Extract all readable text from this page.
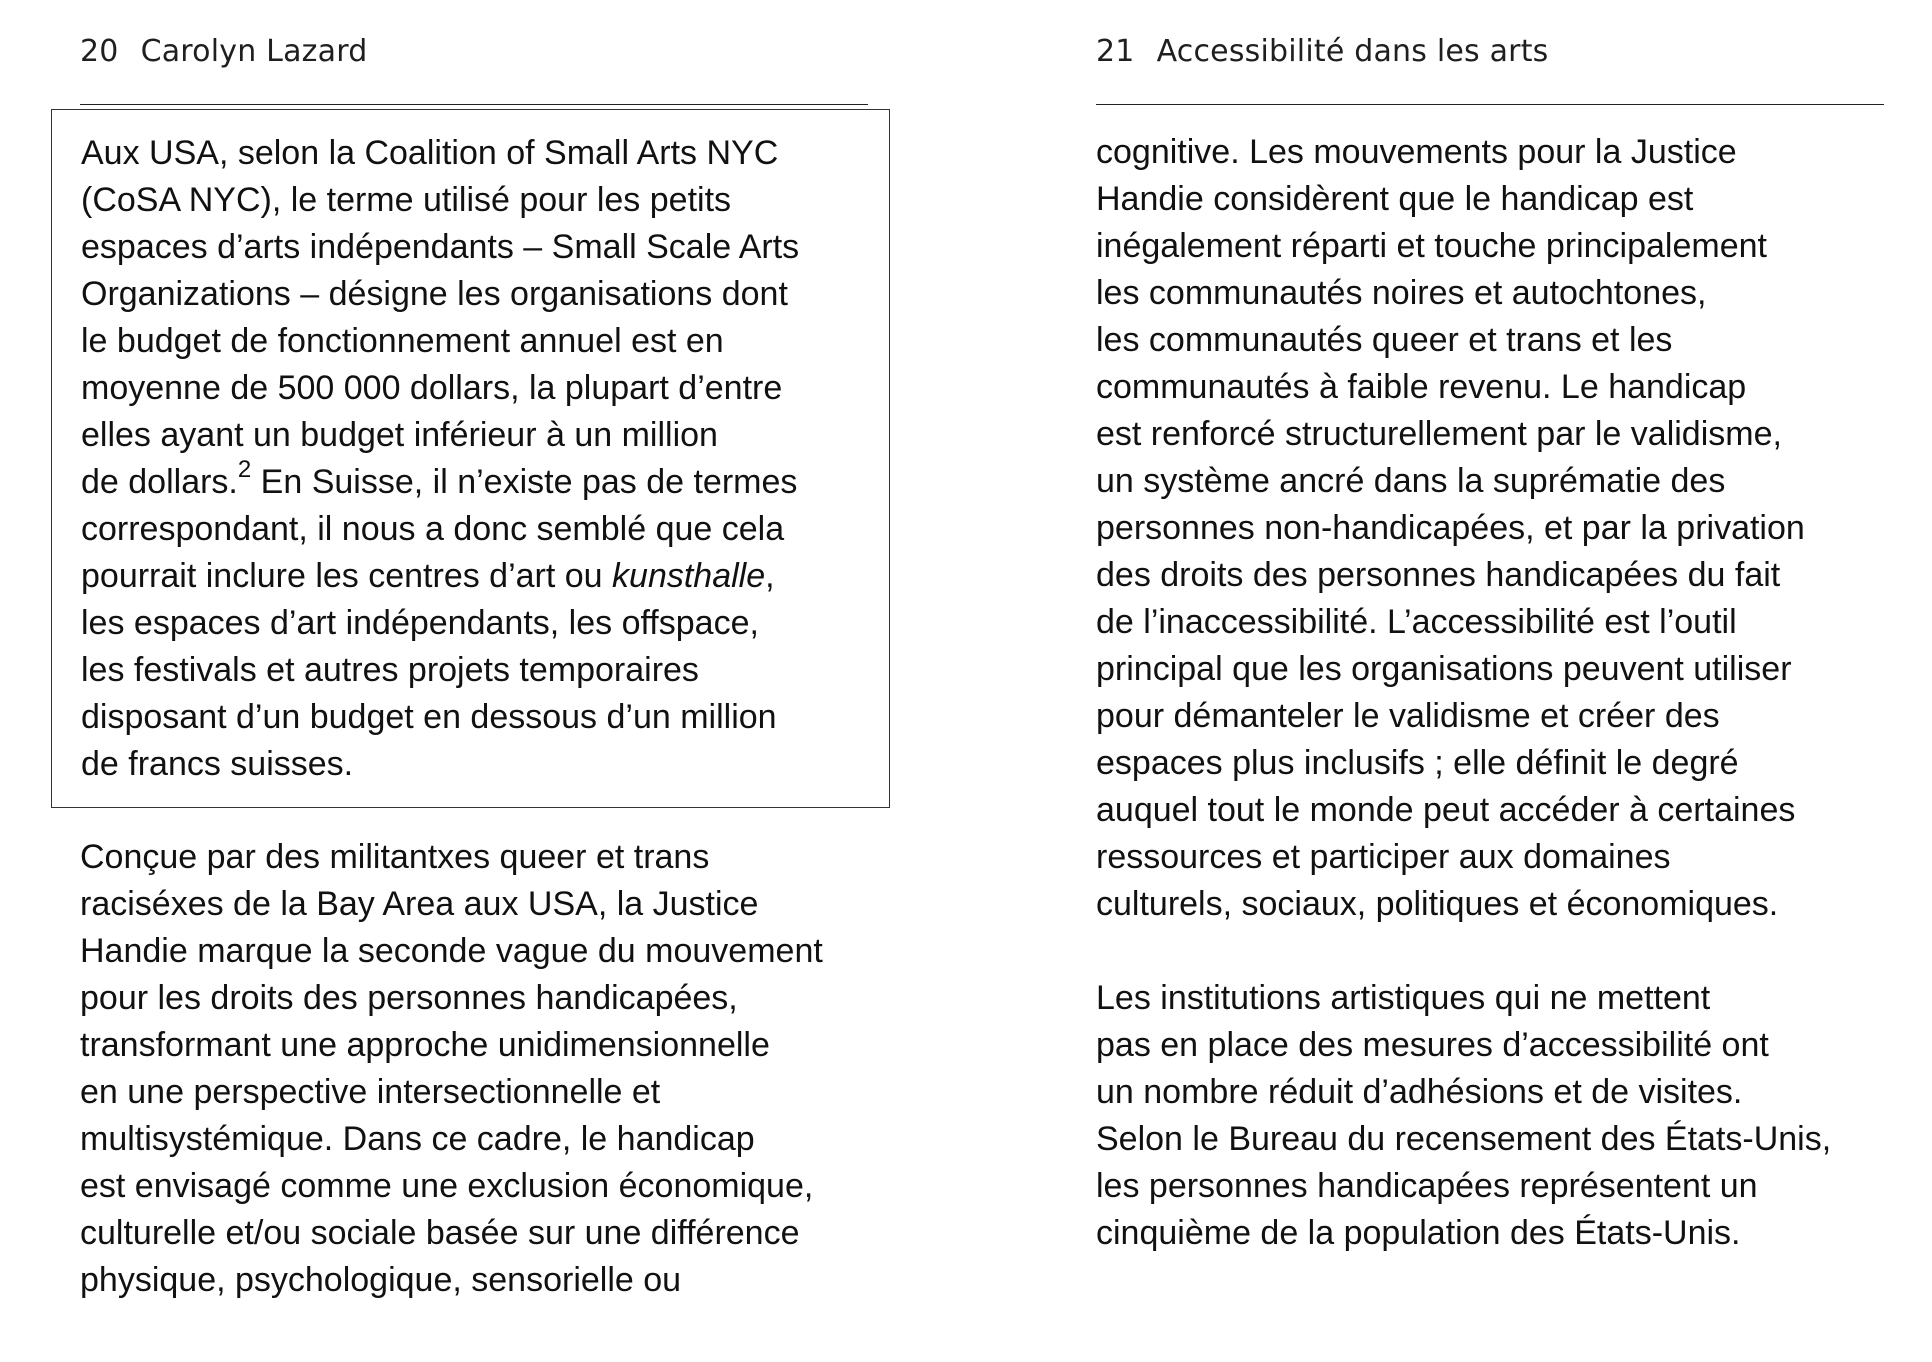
20 Carolyn Lazard
Aux USA, selon la Coalition of Small Arts NYC
(CoSA NYC), le terme utilisé pour les petits
espaces d’arts indépendants – Small Scale Arts
Organizations – désigne les organisations dont
le budget de fonctionnement annuel est en
moyenne de 500 000 dollars, la plupart d’entre
elles ayant un budget inférieur à un million
de dollars.$^2$ En Suisse, il n’existe pas de termes
correspondant, il nous a donc semblé que cela
pourrait inclure les centres d’art ou kunsthalle,
les espaces d’art indépendants, les offspace,
les festivals et autres projets temporaires
disposant d’un budget en dessous d’un million
de francs suisses.
Conçue par des militantxes queer et trans
raciséxes de la Bay Area aux USA, la Justice
Handie marque la seconde vague du mouvement
pour les droits des personnes handicapées,
transformant une approche unidimensionnelle
en une perspective intersectionnelle et
multisystémique. Dans ce cadre, le handicap
est envisagé comme une exclusion économique,
culturelle et/ou sociale basée sur une différence
physique, psychologique, sensorielle ou
21 Accessibilité dans les arts
cognitive. Les mouvements pour la Justice
Handie considèrent que le handicap est
inégalement réparti et touche principalement
les communautés noires et autochtones,
les communautés queer et trans et les
communautés à faible revenu. Le handicap
est renforcé structurellement par le validisme,
un système ancré dans la suprématie des
personnes non-handicapées, et par la privation
des droits des personnes handicapées du fait
de l’inaccessibilité. L’accessibilité est l’outil
principal que les organisations peuvent utiliser
pour démanteler le validisme et créer des
espaces plus inclusifs ; elle définit le degré
auquel tout le monde peut accéder à certaines
ressources et participer aux domaines
culturels, sociaux, politiques et économiques.
Les institutions artistiques qui ne mettent
pas en place des mesures d’accessibilité ont
un nombre réduit d’adhésions et de visites.
Selon le Bureau du recensement des États-Unis,
les personnes handicapées représentent un
cinquième de la population des États-Unis.
